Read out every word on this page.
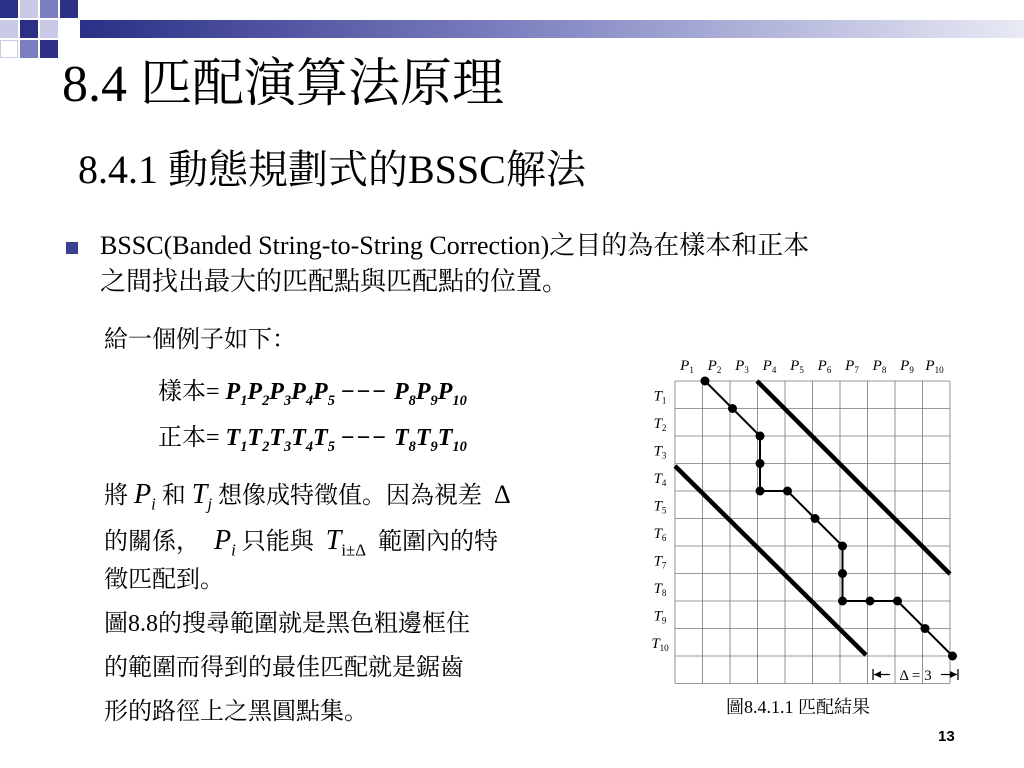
8.4 匹配演算法原理
8.4.1 動態規劃式的BSSC解法
BSSC(Banded String-to-String Correction)之目的為在樣本和正本
之間找出最大的匹配點與匹配點的位置。
給一個例子如下：
樣本= $P_1P_2P_3P_4P_5$ −−− $P_8P_9P_{10}$
正本= $T_1T_2T_3T_4T_5$ −−− $T_8T_9T_{10}$
將 $P_i$ 和 $T_j$ 想像成特徵值。因為視差 Δ
的關係， $P_i$ 只能與 $T_{i\pm\Delta}$ 範圍內的特
徵匹配到。
圖8.8的搜尋範圍就是黑色粗邊框住
的範圍而得到的最佳匹配就是鋸齒
形的路徑上之黑圓點集。
$P_1$ $P_2$ $P_3$ $P_4$ $P_5$ $P_6$ $P_7$ $P_8$ $P_9$ $P_{10}$
$T_1$
$T_2$
$T_3$
$T_4$
$T_5$
$T_6$
$T_7$
$T_8$
$T_9$
$T_{10}$
Δ = 3
圖8.4.1.1 匹配結果
13
